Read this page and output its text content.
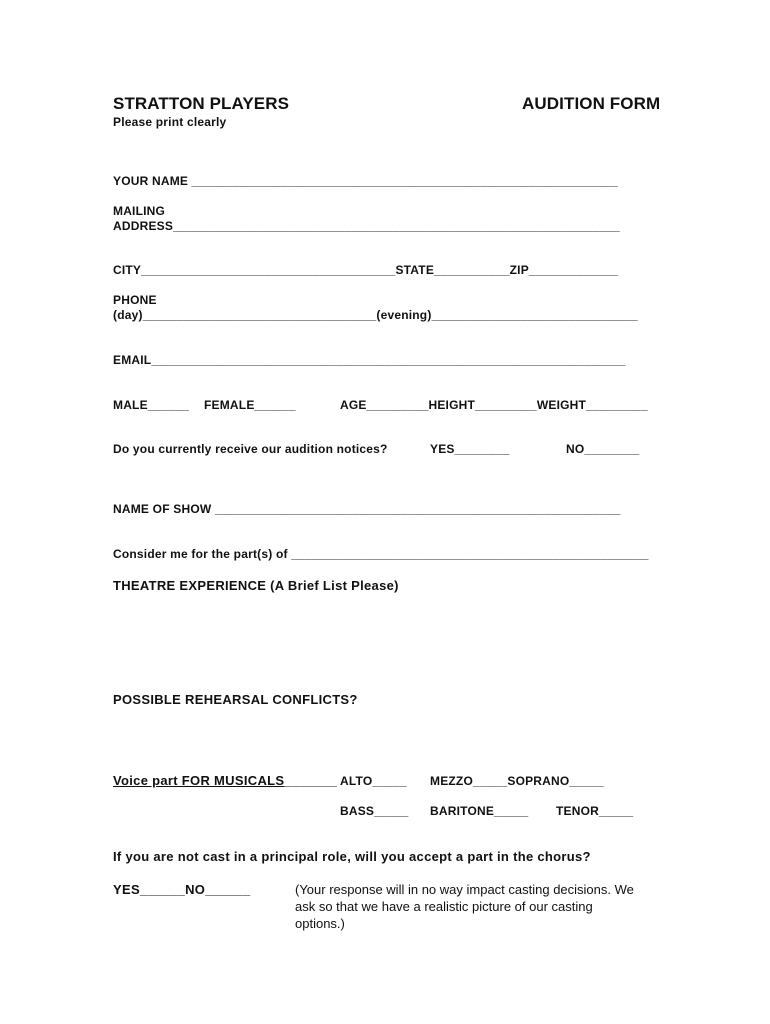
STRATTON PLAYERS	AUDITION FORM
Please print clearly
YOUR NAME ______________________________________________________________
MAILING
ADDRESS_________________________________________________________________
CITY_____________________________________STATE___________ZIP_____________
PHONE
(day)__________________________________(evening)______________________________
EMAIL_____________________________________________________________________
MALE______ FEMALE______	AGE_________HEIGHT_________WEIGHT_________
Do you currently receive our audition notices?	YES________	NO________
NAME OF SHOW ___________________________________________________________
Consider me for the part(s) of ____________________________________________________
THEATRE EXPERIENCE (A Brief List Please)
POSSIBLE REHEARSAL CONFLICTS?
Voice part FOR MUSICALS_______ ALTO_____ MEZZO_____SOPRANO_____
BASS_____ BARITONE_____ TENOR_____
If you are not cast in a principal role, will you accept a part in the chorus?
YES______NO______	(Your response will in no way impact casting decisions. We ask so that we have a realistic picture of our casting options.)
